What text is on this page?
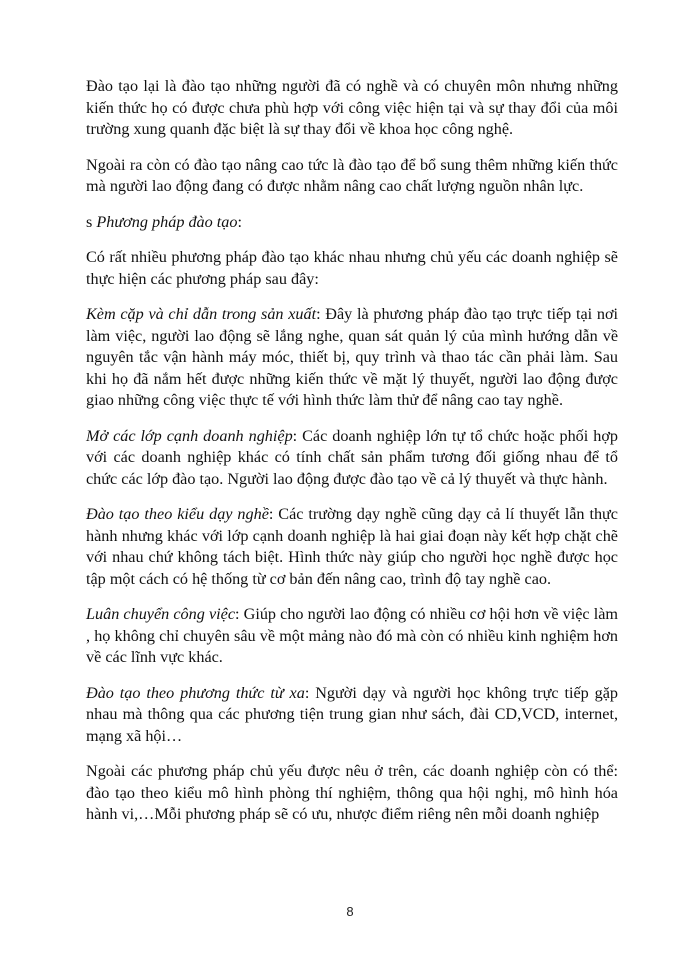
Đào tạo lại là đào tạo những người đã có nghề và có chuyên môn nhưng những kiến thức họ có được chưa phù hợp với công việc hiện tại và sự thay đổi của môi trường xung quanh đặc biệt là sự thay đổi về khoa học công nghệ.

Ngoài ra còn có đào tạo nâng cao tức là đào tạo để bổ sung thêm những kiến thức mà người lao động đang có được nhằm nâng cao chất lượng nguồn nhân lực.

s Phương pháp đào tạo:

Có rất nhiều phương pháp đào tạo khác nhau nhưng chủ yếu các doanh nghiệp sẽ thực hiện các phương pháp sau đây:

Kèm cặp và chỉ dẫn trong sản xuất: Đây là phương pháp đào tạo trực tiếp tại nơi làm việc, người lao động sẽ lắng nghe, quan sát quản lý của mình hướng dẫn về nguyên tắc vận hành máy móc, thiết bị, quy trình và thao tác cần phải làm. Sau khi họ đã nắm hết được những kiến thức về mặt lý thuyết, người lao động được giao những công việc thực tế với hình thức làm thử để nâng cao tay nghề.

Mở các lớp cạnh doanh nghiệp: Các doanh nghiệp lớn tự tổ chức hoặc phối hợp với các doanh nghiệp khác có tính chất sản phẩm tương đối giống nhau để tổ chức các lớp đào tạo. Người lao động được đào tạo về cả lý thuyết và thực hành.

Đào tạo theo kiểu dạy nghề: Các trường dạy nghề cũng dạy cả lí thuyết lẫn thực hành nhưng khác với lớp cạnh doanh nghiệp là hai giai đoạn này kết hợp chặt chẽ với nhau chứ không tách biệt. Hình thức này giúp cho người học nghề được học tập một cách có hệ thống từ cơ bản đến nâng cao, trình độ tay nghề cao.

Luân chuyển công việc: Giúp cho người lao động có nhiều cơ hội hơn về việc làm , họ không chỉ chuyên sâu về một mảng nào đó mà còn có nhiều kinh nghiệm hơn về các lĩnh vực khác.

Đào tạo theo phương thức từ xa: Người dạy và người học không trực tiếp gặp nhau mà thông qua các phương tiện trung gian như sách, đài CD,VCD, internet, mạng xã hội…

Ngoài các phương pháp chủ yếu được nêu ở trên, các doanh nghiệp còn có thể: đào tạo theo kiểu mô hình phòng thí nghiệm, thông qua hội nghị, mô hình hóa hành vi,…Mỗi phương pháp sẽ có ưu, nhược điểm riêng nên mỗi doanh nghiệp

8
